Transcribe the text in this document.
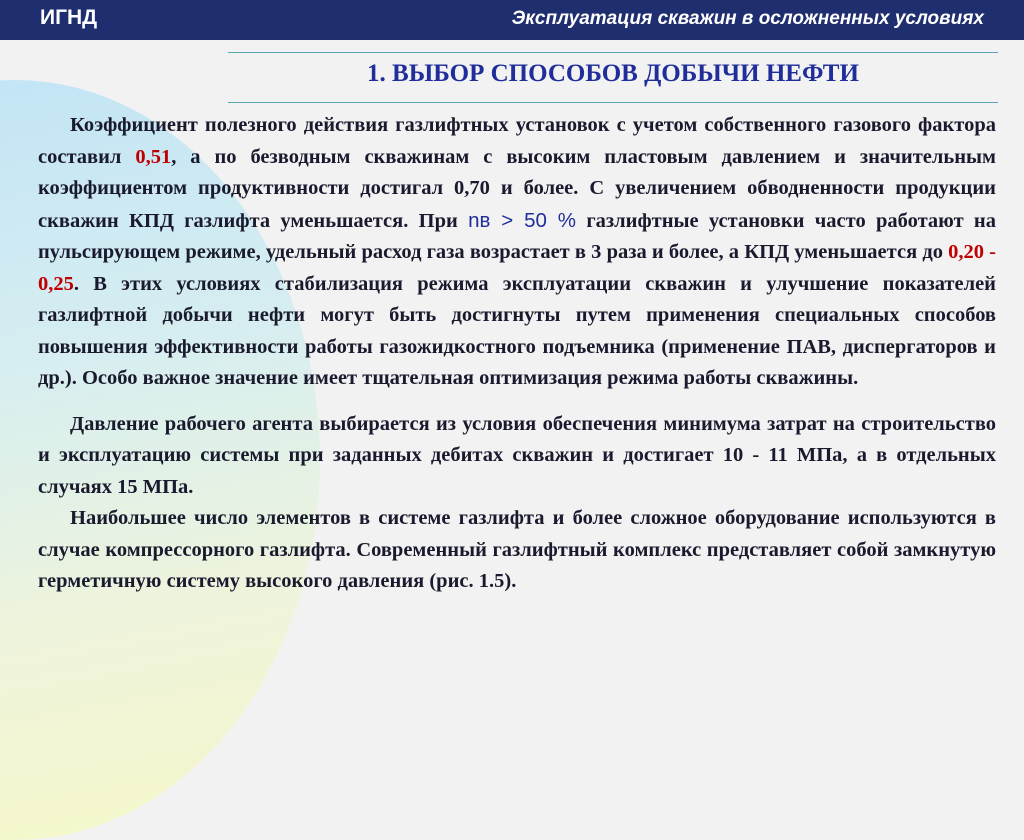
ИГНД	Эксплуатация скважин в осложненных условиях
1. ВЫБОР СПОСОБОВ ДОБЫЧИ НЕФТИ

Коэффициент полезного действия газлифтных установок с учетом собственного газового фактора составил 0,51, а по безводным скважинам с высоким пластовым давлением и значительным коэффициентом продуктивности достигал 0,70 и более. С увеличением обводненности продукции скважин КПД газлифта уменьшается. При nв > 50 % газлифтные установки часто работают на пульсирующем режиме, удельный расход газа возрастает в 3 раза и более, а КПД уменьшается до 0,20 - 0,25. В этих условиях стабилизация режима эксплуатации скважин и улучшение показателей газлифтной добычи нефти могут быть достигнуты путем применения специальных способов повышения эффективности работы газожидкостного подъемника (применение ПАВ, диспергаторов и др.). Особо важное значение имеет тщательная оптимизация режима работы скважины.

Давление рабочего агента выбирается из условия обеспечения минимума затрат на строительство и эксплуатацию системы при заданных дебитах скважин и достигает 10 - 11 МПа, а в отдельных случаях 15 МПа.

Наибольшее число элементов в системе газлифта и более сложное оборудование используются в случае компрессорного газлифта. Современный газлифтный комплекс представляет собой замкнутую герметичную систему высокого давления (рис. 1.5).
